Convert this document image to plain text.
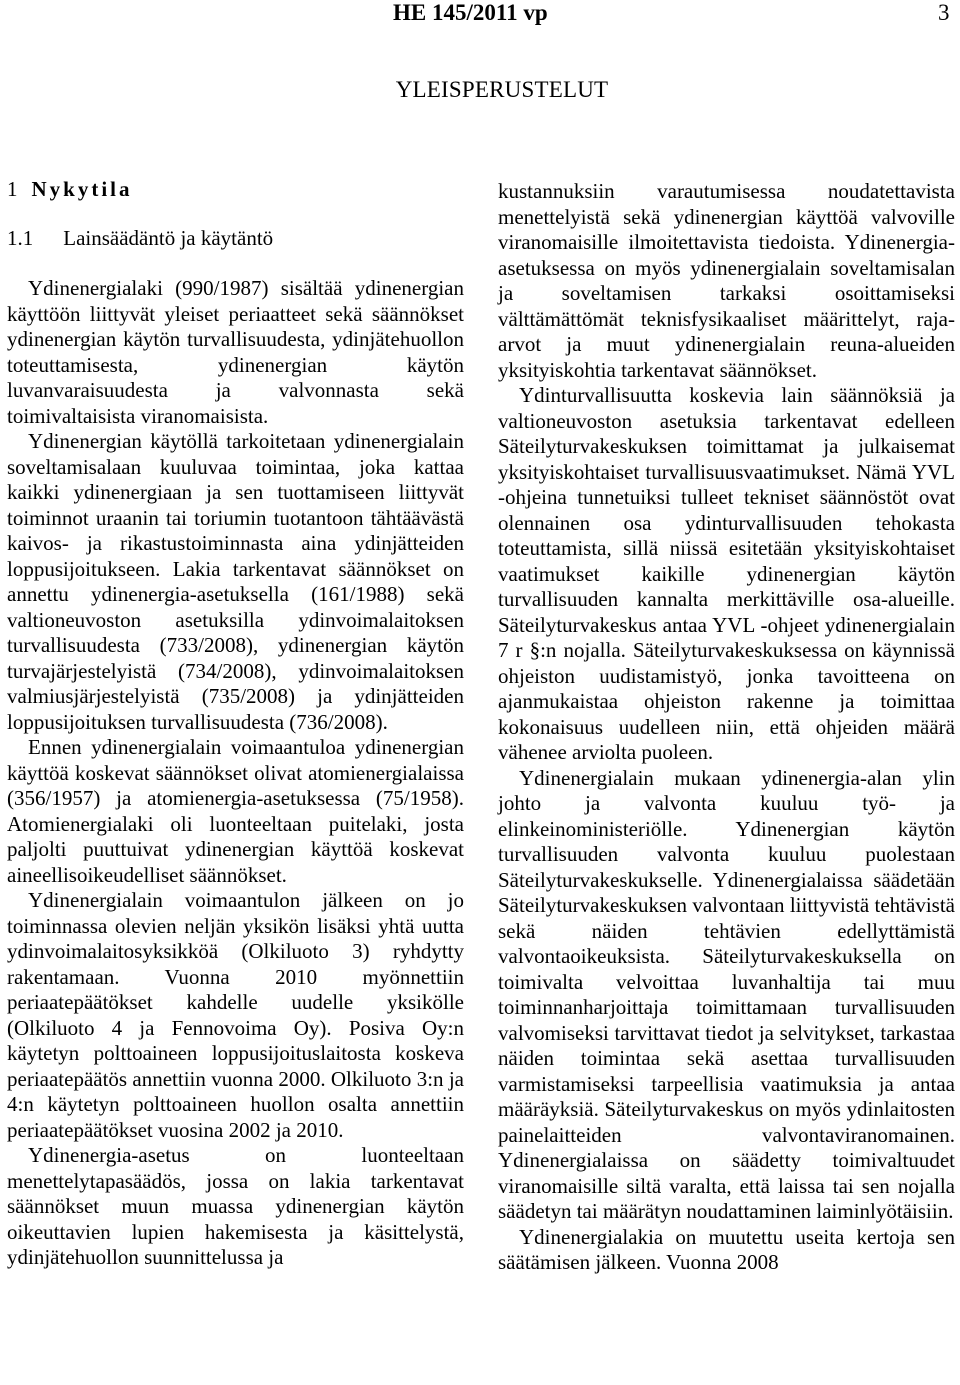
HE 145/2011 vp	3
YLEISPERUSTELUT
1 Nykytila
1.1 Lainsäädäntö ja käytäntö

Ydinenergialaki (990/1987) sisältää ydinenergian käyttöön liittyvät yleiset periaatteet sekä säännökset ydinenergian käytön turvallisuudesta, ydinjätehuollon toteuttamisesta, ydinenergian käytön luvanvaraisuudesta ja valvonnasta sekä toimivaltaisista viranomaisista.

Ydinenergian käytöllä tarkoitetaan ydinenergialain soveltamisalaan kuuluvaa toimintaa, joka kattaa kaikki ydinenergiaan ja sen tuottamiseen liittyvät toiminnot uraanin tai toriumin tuotantoon tähtäävästä kaivos- ja rikastustoiminnasta aina ydinjätteiden loppusijoitukseen. Lakia tarkentavat säännökset on annettu ydinenergia-asetuksella (161/1988) sekä valtioneuvoston asetuksilla ydinvoimalaitoksen turvallisuudesta (733/2008), ydinenergian käytön turvajärjestelyistä (734/2008), ydinvoimalaitoksen valmiusjärjestelyistä (735/2008) ja ydinjätteiden loppusijoituksen turvallisuudesta (736/2008).

Ennen ydinenergialain voimaantuloa ydinenergian käyttöä koskevat säännökset olivat atomienergialaissa (356/1957) ja atomienergia-asetuksessa (75/1958). Atomienergialaki oli luonteeltaan puitelaki, josta paljolti puuttuivat ydinenergian käyttöä koskevat aineellisoikeudelliset säännökset.

Ydinenergialain voimaantulon jälkeen on jo toiminnassa olevien neljän yksikön lisäksi yhtä uutta ydinvoimalaitosyksikköä (Olkiluoto 3) ryhdytty rakentamaan. Vuonna 2010 myönnettiin periaatepäätökset kahdelle uudelle yksikölle (Olkiluoto 4 ja Fennovoima Oy). Posiva Oy:n käytetyn polttoaineen loppusijoituslaitosta koskeva periaatepäätös annettiin vuonna 2000. Olkiluoto 3:n ja 4:n käytetyn polttoaineen huollon osalta annettiin periaatepäätökset vuosina 2002 ja 2010.

Ydinenergia-asetus on luonteeltaan menettelytapasäädös, jossa on lakia tarkentavat säännökset muun muassa ydinenergian käytön oikeuttavien lupien hakemisesta ja käsittelystä, ydinjätehuollon suunnittelussa ja

kustannuksiin varautumisessa noudatettavista menettelyistä sekä ydinenergian käyttöä valvoville viranomaisille ilmoitettavista tiedoista. Ydinenergia-asetuksessa on myös ydinenergialain soveltamisalan ja soveltamisen tarkaksi osoittamiseksi välttämättömät teknisfysikaaliset määrittelyt, raja-arvot ja muut ydinenergialain reuna-alueiden yksityiskohtia tarkentavat säännökset.

Ydinturvallisuutta koskevia lain säännöksiä ja valtioneuvoston asetuksia tarkentavat edelleen Säteilyturvakeskuksen toimittamat ja julkaisemat yksityiskohtaiset turvallisuusvaatimukset. Nämä YVL -ohjeina tunnetuiksi tulleet tekniset säännöstöt ovat olennainen osa ydinturvallisuuden tehokasta toteuttamista, sillä niissä esitetään yksityiskohtaiset vaatimukset kaikille ydinenergian käytön turvallisuuden kannalta merkittäville osa-alueille. Säteilyturvakeskus antaa YVL -ohjeet ydinenergialain 7 r §:n nojalla. Säteilyturvakeskuksessa on käynnissä ohjeiston uudistamistyö, jonka tavoitteena on ajanmukaistaa ohjeiston rakenne ja toimittaa kokonaisuus uudelleen niin, että ohjeiden määrä vähenee arviolta puoleen.

Ydinenergialain mukaan ydinenergia-alan ylin johto ja valvonta kuuluu työ- ja elinkeinoministeriölle. Ydinenergian käytön turvallisuuden valvonta kuuluu puolestaan Säteilyturvakeskukselle. Ydinenergialaissa säädetään Säteilyturvakeskuksen valvontaan liittyvistä tehtävistä sekä näiden tehtävien edellyttämistä valvontaoikeuksista. Säteilyturvakeskuksella on toimivalta velvoittaa luvanhaltija tai muu toiminnanharjoittaja toimittamaan turvallisuuden valvomiseksi tarvittavat tiedot ja selvitykset, tarkastaa näiden toimintaa sekä asettaa turvallisuuden varmistamiseksi tarpeellisia vaatimuksia ja antaa määräyksiä. Säteilyturvakeskus on myös ydinlaitosten painelaitteiden valvontaviranomainen. Ydinenergialaissa on säädetty toimivaltuudet viranomaisille siltä varalta, että laissa tai sen nojalla säädetyn tai määrätyn noudattaminen laiminlyötäisiin.

Ydinenergialakia on muutettu useita kertoja sen säätämisen jälkeen. Vuonna 2008
